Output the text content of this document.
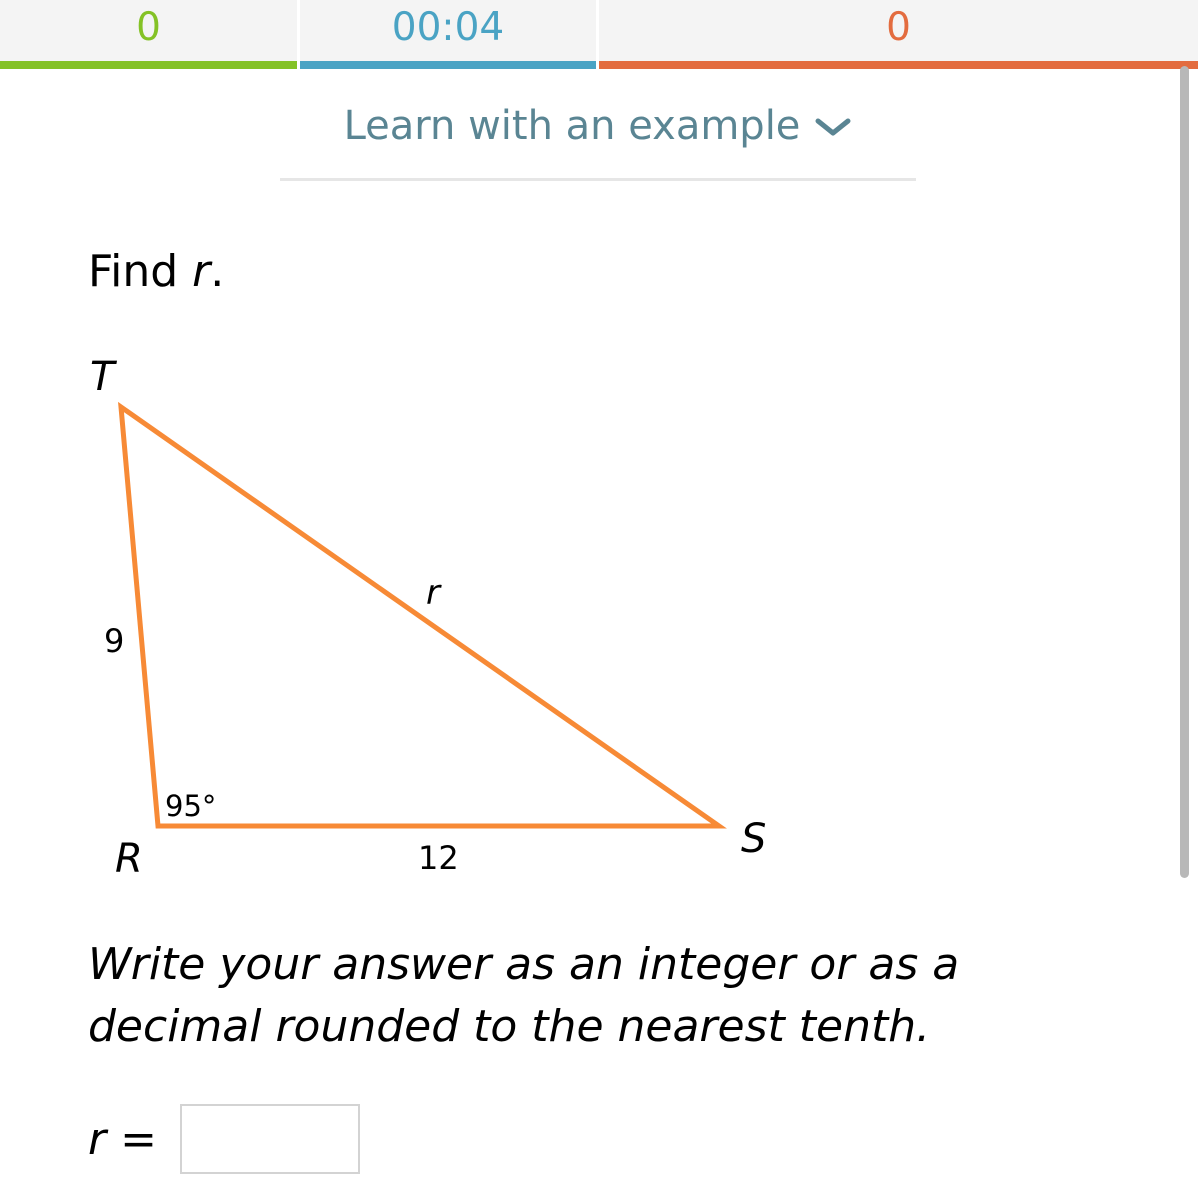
0	00:04	0
Learn with an example
Find r.
T
R	S
9
12
r
95°
Write your answer as an integer or as a decimal rounded to the nearest tenth.
r =
